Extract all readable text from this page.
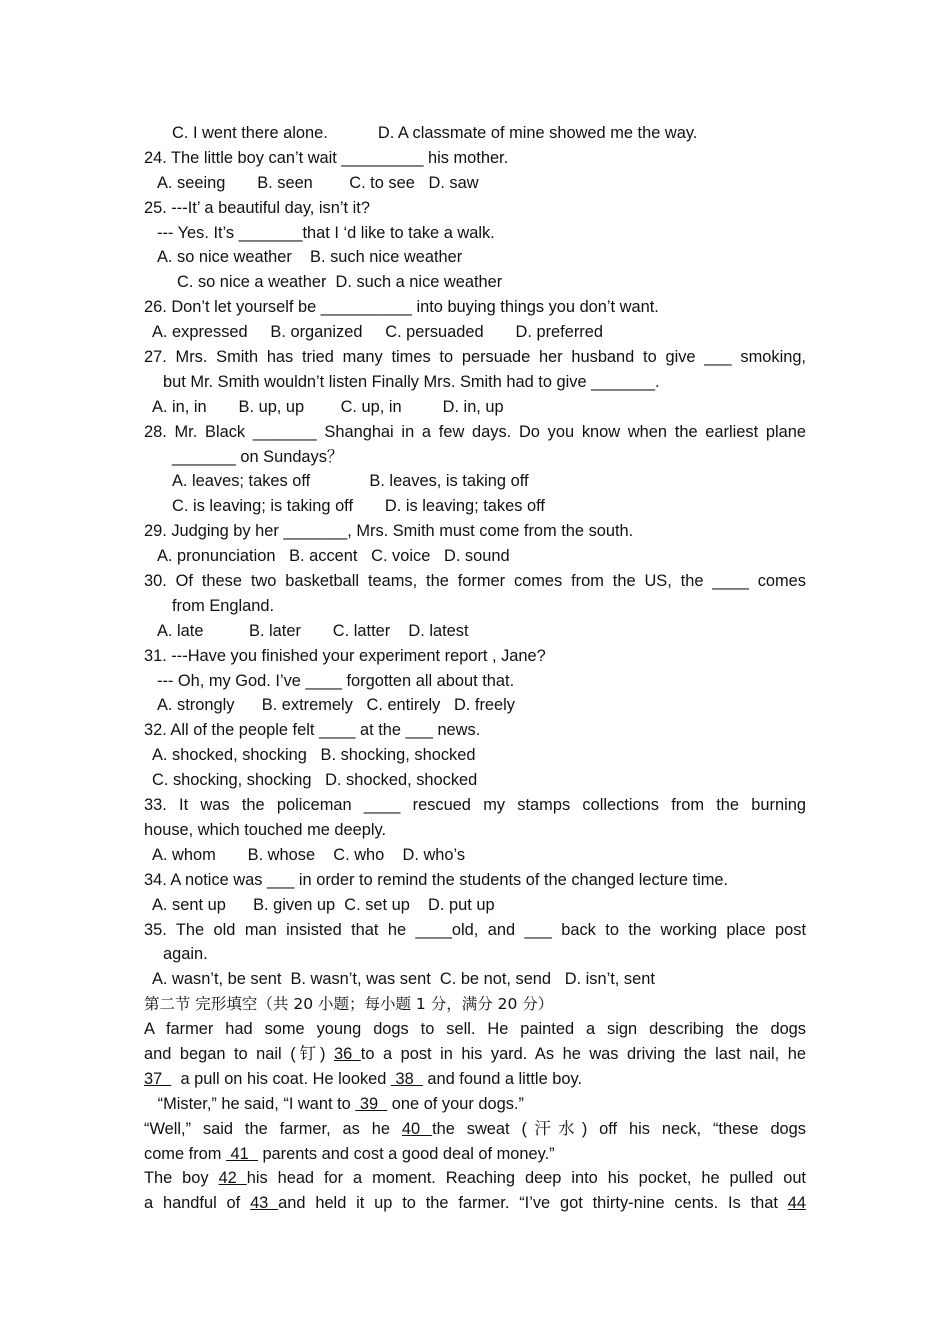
C. I went there alone.           D. A classmate of mine showed me the way.
24. The little boy can’t wait _________ his mother.
A. seeing       B. seen        C. to see   D. saw
25. ---It’ a beautiful day, isn’t it?
--- Yes. It’s _______that I ‘d like to take a walk.
A. so nice weather    B. such nice weather
C. so nice a weather  D. such a nice weather
26. Don’t let yourself be __________ into buying things you don’t want.
A. expressed     B. organized     C. persuaded       D. preferred
27. Mrs. Smith has tried many times to persuade her husband to give ___ smoking,
but Mr. Smith wouldn’t listen Finally Mrs. Smith had to give _______.
A. in, in       B. up, up        C. up, in         D. in, up
28. Mr. Black _______ Shanghai in a few days. Do you know when the earliest plane
_______ on Sundays？
A. leaves; takes off             B. leaves, is taking off
C. is leaving; is taking off       D. is leaving; takes off
29. Judging by her _______, Mrs. Smith must come from the south.
A. pronunciation   B. accent   C. voice   D. sound
30. Of these two basketball teams, the former comes from the US, the ____ comes
from England.
A. late          B. later       C. latter    D. latest
31. ---Have you finished your experiment report , Jane?
--- Oh, my God. I’ve ____ forgotten all about that.
A. strongly      B. extremely   C. entirely   D. freely
32. All of the people felt ____ at the ___ news.
A. shocked, shocking   B. shocking, shocked
C. shocking, shocking   D. shocked, shocked
33. It was the policeman ____ rescued my stamps collections from the burning
house, which touched me deeply.
A. whom       B. whose    C. who    D. who’s
34. A notice was ___ in order to remind the students of the changed lecture time.
A. sent up      B. given up  C. set up    D. put up
35. The old man insisted that he ____old, and ___ back to the working place post
again.
A. wasn’t, be sent  B. wasn’t, was sent  C. be not, send   D. isn’t, sent
第二节 完形填空（共 20 小题；每小题 1 分，满分 20 分）
A farmer had some young dogs to sell. He painted a sign describing the dogs
and began to nail (钉) 36 to a post in his yard. As he was driving the last nail, he
37    a pull on his coat. He looked  38   and found a little boy.
“Mister,” he said, “I want to  39   one of your dogs.”
“Well,” said the farmer, as he 40 the sweat (汗水) off his neck, “these dogs
come from  41   parents and cost a good deal of money.”
The boy 42 his head for a moment. Reaching deep into his pocket, he pulled out
a handful of 43 and held it up to the farmer. “I’ve got thirty-nine cents. Is that 44
